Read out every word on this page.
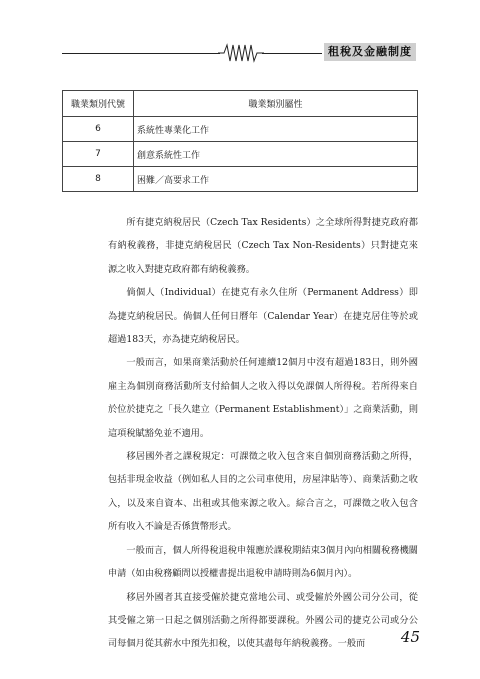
租稅及金融制度
職業類別代號	職業類別屬性
6	系統性專業化工作
7	創意系統性工作
8	困難／高要求工作

所有捷克納稅居民（Czech Tax Residents）之全球所得對捷克政府都有納稅義務，非捷克納稅居民（Czech Tax Non-Residents）只對捷克來源之收入對捷克政府都有納稅義務。

倘個人（Individual）在捷克有永久住所（Permanent Address）即為捷克納稅居民。倘個人任何日曆年（Calendar Year）在捷克居住等於或超過183天，亦為捷克納稅居民。

一般而言，如果商業活動於任何連續12個月中沒有超過183日，則外國雇主為個別商務活動所支付給個人之收入得以免課個人所得稅。若所得來自於位於捷克之「長久建立（Permanent Establishment）」之商業活動，則這項稅賦豁免並不適用。

移居國外者之課稅規定：可課徵之收入包含來自個別商務活動之所得，包括非現金收益（例如私人目的之公司車使用，房屋津貼等）、商業活動之收入，以及來自資本、出租或其他來源之收入。綜合言之，可課徵之收入包含所有收入不論是否係貨幣形式。

一般而言，個人所得稅退稅申報應於課稅期結束3個月內向相關稅務機關申請（如由稅務顧問以授權書提出退稅申請時則為6個月內）。

移居外國者其直接受僱於捷克當地公司、或受僱於外國公司分公司，從其受僱之第一日起之個別活動之所得都要課稅。外國公司的捷克公司或分公司每個月從其薪水中預先扣稅，以使其盡每年納稅義務。一般而	45
